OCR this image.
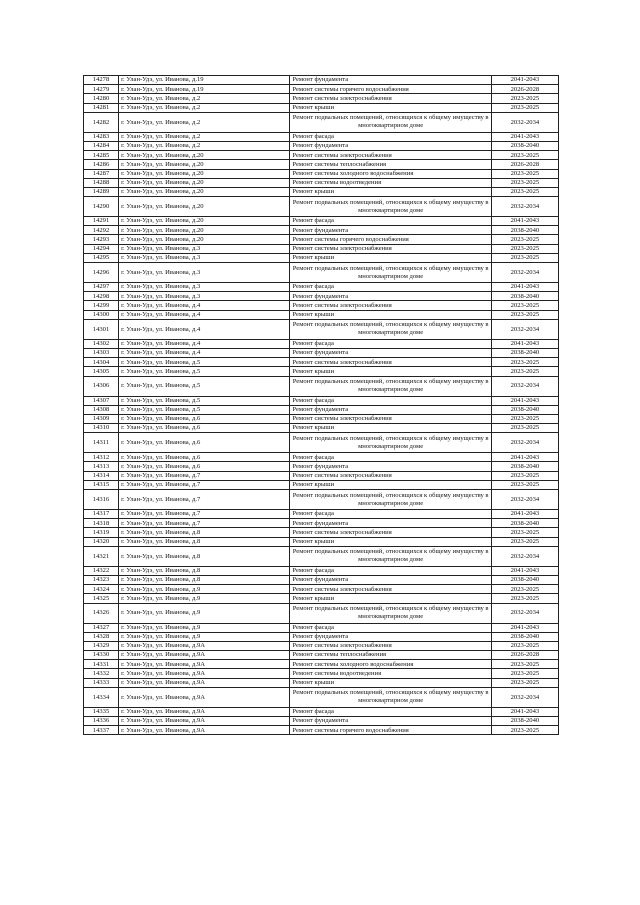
14278	г. Улан-Удэ, ул. Иванова, д.19	Ремонт фундамента	2041-2043
14279	г. Улан-Удэ, ул. Иванова, д.19	Ремонт системы горячего водоснабжения	2026-2028
14280	г. Улан-Удэ, ул. Иванова, д.2	Ремонт системы электроснабжения	2023-2025
14281	г. Улан-Удэ, ул. Иванова, д.2	Ремонт крыши	2023-2025
14282	г. Улан-Удэ, ул. Иванова, д.2	Ремонт подвальных помещений, относящихся к общему имуществу в многоквартирном доме	2032-2034
14283	г. Улан-Удэ, ул. Иванова, д.2	Ремонт фасада	2041-2043
14284	г. Улан-Удэ, ул. Иванова, д.2	Ремонт фундамента	2038-2040
14285	г. Улан-Удэ, ул. Иванова, д.20	Ремонт системы электроснабжения	2023-2025
14286	г. Улан-Удэ, ул. Иванова, д.20	Ремонт системы теплоснабжения	2026-2028
14287	г. Улан-Удэ, ул. Иванова, д.20	Ремонт системы холодного водоснабжения	2023-2025
14288	г. Улан-Удэ, ул. Иванова, д.20	Ремонт системы водоотведения	2023-2025
14289	г. Улан-Удэ, ул. Иванова, д.20	Ремонт крыши	2023-2025
14290	г. Улан-Удэ, ул. Иванова, д.20	Ремонт подвальных помещений, относящихся к общему имуществу в многоквартирном доме	2032-2034
14291	г. Улан-Удэ, ул. Иванова, д.20	Ремонт фасада	2041-2043
14292	г. Улан-Удэ, ул. Иванова, д.20	Ремонт фундамента	2038-2040
14293	г. Улан-Удэ, ул. Иванова, д.20	Ремонт системы горячего водоснабжения	2023-2025
14294	г. Улан-Удэ, ул. Иванова, д.3	Ремонт системы электроснабжения	2023-2025
14295	г. Улан-Удэ, ул. Иванова, д.3	Ремонт крыши	2023-2025
14296	г. Улан-Удэ, ул. Иванова, д.3	Ремонт подвальных помещений, относящихся к общему имуществу в многоквартирном доме	2032-2034
14297	г. Улан-Удэ, ул. Иванова, д.3	Ремонт фасада	2041-2043
14298	г. Улан-Удэ, ул. Иванова, д.3	Ремонт фундамента	2038-2040
14299	г. Улан-Удэ, ул. Иванова, д.4	Ремонт системы электроснабжения	2023-2025
14300	г. Улан-Удэ, ул. Иванова, д.4	Ремонт крыши	2023-2025
14301	г. Улан-Удэ, ул. Иванова, д.4	Ремонт подвальных помещений, относящихся к общему имуществу в многоквартирном доме	2032-2034
14302	г. Улан-Удэ, ул. Иванова, д.4	Ремонт фасада	2041-2043
14303	г. Улан-Удэ, ул. Иванова, д.4	Ремонт фундамента	2038-2040
14304	г. Улан-Удэ, ул. Иванова, д.5	Ремонт системы электроснабжения	2023-2025
14305	г. Улан-Удэ, ул. Иванова, д.5	Ремонт крыши	2023-2025
14306	г. Улан-Удэ, ул. Иванова, д.5	Ремонт подвальных помещений, относящихся к общему имуществу в многоквартирном доме	2032-2034
14307	г. Улан-Удэ, ул. Иванова, д.5	Ремонт фасада	2041-2043
14308	г. Улан-Удэ, ул. Иванова, д.5	Ремонт фундамента	2038-2040
14309	г. Улан-Удэ, ул. Иванова, д.6	Ремонт системы электроснабжения	2023-2025
14310	г. Улан-Удэ, ул. Иванова, д.6	Ремонт крыши	2023-2025
14311	г. Улан-Удэ, ул. Иванова, д.6	Ремонт подвальных помещений, относящихся к общему имуществу в многоквартирном доме	2032-2034
14312	г. Улан-Удэ, ул. Иванова, д.6	Ремонт фасада	2041-2043
14313	г. Улан-Удэ, ул. Иванова, д.6	Ремонт фундамента	2038-2040
14314	г. Улан-Удэ, ул. Иванова, д.7	Ремонт системы электроснабжения	2023-2025
14315	г. Улан-Удэ, ул. Иванова, д.7	Ремонт крыши	2023-2025
14316	г. Улан-Удэ, ул. Иванова, д.7	Ремонт подвальных помещений, относящихся к общему имуществу в многоквартирном доме	2032-2034
14317	г. Улан-Удэ, ул. Иванова, д.7	Ремонт фасада	2041-2043
14318	г. Улан-Удэ, ул. Иванова, д.7	Ремонт фундамента	2038-2040
14319	г. Улан-Удэ, ул. Иванова, д.8	Ремонт системы электроснабжения	2023-2025
14320	г. Улан-Удэ, ул. Иванова, д.8	Ремонт крыши	2023-2025
14321	г. Улан-Удэ, ул. Иванова, д.8	Ремонт подвальных помещений, относящихся к общему имуществу в многоквартирном доме	2032-2034
14322	г. Улан-Удэ, ул. Иванова, д.8	Ремонт фасада	2041-2043
14323	г. Улан-Удэ, ул. Иванова, д.8	Ремонт фундамента	2038-2040
14324	г. Улан-Удэ, ул. Иванова, д.9	Ремонт системы электроснабжения	2023-2025
14325	г. Улан-Удэ, ул. Иванова, д.9	Ремонт крыши	2023-2025
14326	г. Улан-Удэ, ул. Иванова, д.9	Ремонт подвальных помещений, относящихся к общему имуществу в многоквартирном доме	2032-2034
14327	г. Улан-Удэ, ул. Иванова, д.9	Ремонт фасада	2041-2043
14328	г. Улан-Удэ, ул. Иванова, д.9	Ремонт фундамента	2038-2040
14329	г. Улан-Удэ, ул. Иванова, д.9А	Ремонт системы электроснабжения	2023-2025
14330	г. Улан-Удэ, ул. Иванова, д.9А	Ремонт системы теплоснабжения	2026-2028
14331	г. Улан-Удэ, ул. Иванова, д.9А	Ремонт системы холодного водоснабжения	2023-2025
14332	г. Улан-Удэ, ул. Иванова, д.9А	Ремонт системы водоотведения	2023-2025
14333	г. Улан-Удэ, ул. Иванова, д.9А	Ремонт крыши	2023-2025
14334	г. Улан-Удэ, ул. Иванова, д.9А	Ремонт подвальных помещений, относящихся к общему имуществу в многоквартирном доме	2032-2034
14335	г. Улан-Удэ, ул. Иванова, д.9А	Ремонт фасада	2041-2043
14336	г. Улан-Удэ, ул. Иванова, д.9А	Ремонт фундамента	2038-2040
14337	г. Улан-Удэ, ул. Иванова, д.9А	Ремонт системы горячего водоснабжения	2023-2025
